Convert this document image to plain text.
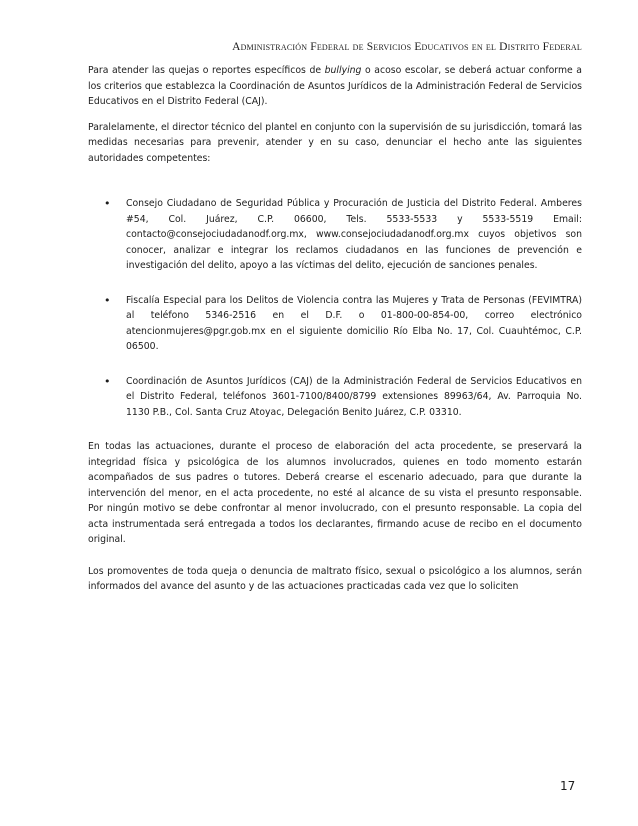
Administración Federal de Servicios Educativos en el Distrito Federal

Para atender las quejas o reportes específicos de bullying o acoso escolar, se deberá actuar conforme a los criterios que establezca la Coordinación de Asuntos Jurídicos de la Administración Federal de Servicios Educativos en el Distrito Federal (CAJ).

Paralelamente, el director técnico del plantel en conjunto con la supervisión de su jurisdicción, tomará las medidas necesarias para prevenir, atender y en su caso, denunciar el hecho ante las siguientes autoridades competentes:

• Consejo Ciudadano de Seguridad Pública y Procuración de Justicia del Distrito Federal. Amberes #54, Col. Juárez, C.P. 06600, Tels. 5533-5533 y 5533-5519 Email: contacto@consejociudadanodf.org.mx, www.consejociudadanodf.org.mx cuyos objetivos son conocer, analizar e integrar los reclamos ciudadanos en las funciones de prevención e investigación del delito, apoyo a las víctimas del delito, ejecución de sanciones penales.

• Fiscalía Especial para los Delitos de Violencia contra las Mujeres y Trata de Personas (FEVIMTRA) al teléfono 5346-2516 en el D.F. o 01-800-00-854-00, correo electrónico atencionmujeres@pgr.gob.mx en el siguiente domicilio Río Elba No. 17, Col. Cuauhtémoc, C.P. 06500.

• Coordinación de Asuntos Jurídicos (CAJ) de la Administración Federal de Servicios Educativos en el Distrito Federal, teléfonos 3601-7100/8400/8799 extensiones 89963/64, Av. Parroquia No. 1130 P.B., Col. Santa Cruz Atoyac, Delegación Benito Juárez, C.P. 03310.

En todas las actuaciones, durante el proceso de elaboración del acta procedente, se preservará la integridad física y psicológica de los alumnos involucrados, quienes en todo momento estarán acompañados de sus padres o tutores. Deberá crearse el escenario adecuado, para que durante la intervención del menor, en el acta procedente, no esté al alcance de su vista el presunto responsable. Por ningún motivo se debe confrontar al menor involucrado, con el presunto responsable. La copia del acta instrumentada será entregada a todos los declarantes, firmando acuse de recibo en el documento original.

Los promoventes de toda queja o denuncia de maltrato físico, sexual o psicológico a los alumnos, serán informados del avance del asunto y de las actuaciones practicadas cada vez que lo soliciten

17
